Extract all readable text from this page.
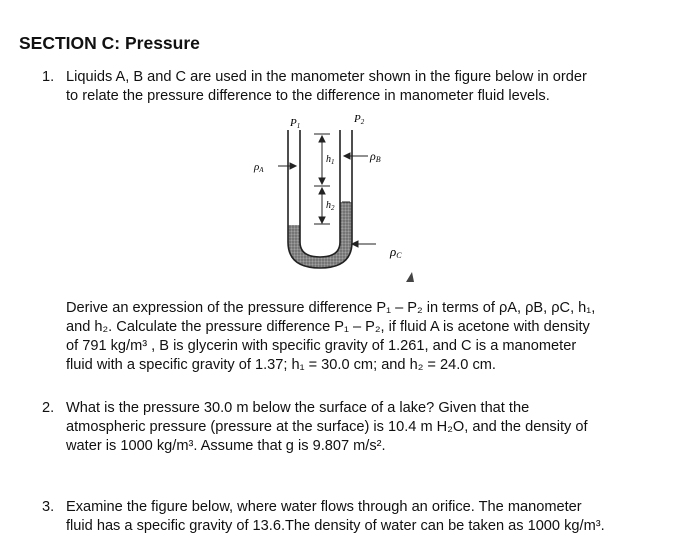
SECTION C: Pressure
1. Liquids A, B and C are used in the manometer shown in the figure below in order
to relate the pressure difference to the difference in manometer fluid levels.
P1
P2
ρA
ρB
ρC
$h_1$
$h_2$
Derive an expression of the pressure difference P₁ – P₂ in terms of ρA, ρB, ρC, h₁,
and h₂. Calculate the pressure difference P₁ – P₂, if fluid A is acetone with density
of 791 kg/m³ , B is glycerin with specific gravity of 1.261, and C is a manometer
fluid with a specific gravity of 1.37; h₁ = 30.0 cm; and h₂ = 24.0 cm.
2. What is the pressure 30.0 m below the surface of a lake? Given that the
atmospheric pressure (pressure at the surface) is 10.4 m H₂O, and the density of
water is 1000 kg/m³. Assume that g is 9.807 m/s².
3. Examine the figure below, where water flows through an orifice. The manometer
fluid has a specific gravity of 13.6.The density of water can be taken as 1000 kg/m³.
